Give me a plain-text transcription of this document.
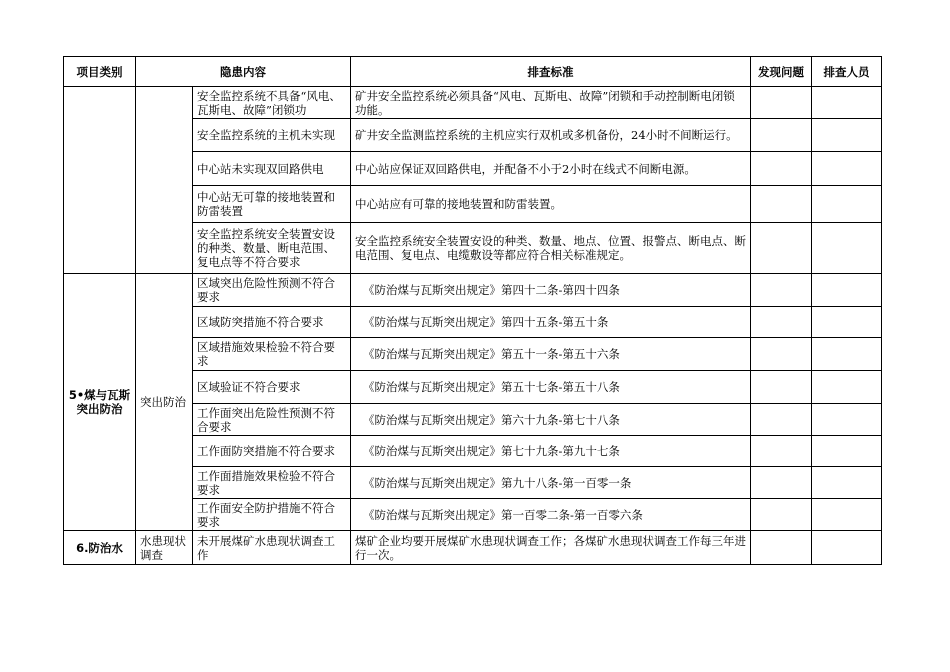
项目类别	隐患内容		排查标准	发现问题	排查人员

		安全监控系统不具备“风电、瓦斯电、故障”闭锁功	矿井安全监控系统必须具备“风电、瓦斯电、故障”闭锁和手动控制断电闭锁功能。		
		安全监控系统的主机未实现	矿井安全监测监控系统的主机应实行双机或多机备份，24小时不间断运行。		
		中心站未实现双回路供电	中心站应保证双回路供电，并配备不小于2小时在线式不间断电源。		
		中心站无可靠的接地装置和防雷装置	中心站应有可靠的接地装置和防雷装置。		
		安全监控系统安全装置安设的种类、数量、断电范围、复电点等不符合要求	安全监控系统安全装置安设的种类、数量、地点、位置、报警点、断电点、断电范围、复电点、电缆敷设等都应符合相关标准规定。		
5•煤与瓦斯突出防治	突出防治	区域突出危险性预测不符合要求	《防治煤与瓦斯突出规定》第四十二条-第四十四条		
		区域防突措施不符合要求	《防治煤与瓦斯突出规定》第四十五条-第五十条		
		区域措施效果检验不符合要求	《防治煤与瓦斯突出规定》第五十一条-第五十六条		
		区域验证不符合要求	《防治煤与瓦斯突出规定》第五十七条-第五十八条		
		工作面突出危险性预测不符合要求	《防治煤与瓦斯突出规定》第六十九条-第七十八条		
		工作面防突措施不符合要求	《防治煤与瓦斯突出规定》第七十九条-第九十七条		
		工作面措施效果检验不符合要求	《防治煤与瓦斯突出规定》第九十八条-第一百零一条		
		工作面安全防护措施不符合要求	《防治煤与瓦斯突出规定》第一百零二条-第一百零六条		
6.防治水	水患现状调查	未开展煤矿水患现状调查工作	煤矿企业均要开展煤矿水患现状调查工作；各煤矿水患现状调查工作每三年进行一次。		
